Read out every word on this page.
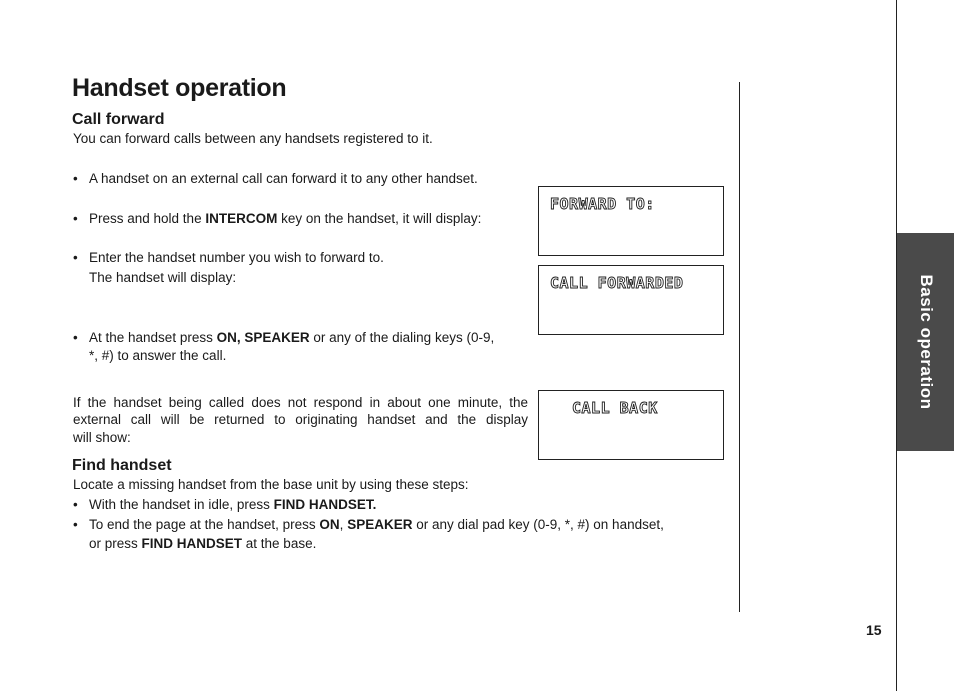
Basic operation
15
Handset operation
Call forward

You can forward calls between any handsets registered to it.

• A handset on an external call can forward it to any other handset.

• Press and hold the INTERCOM key on the handset, it will display:

• Enter the handset number you wish to forward to.

The handset will display:

• At the handset press ON, SPEAKER or any of the dialing keys (0-9,

*, #) to answer the call.

If the handset being called does not respond in about one minute, the

external call will be returned to originating handset and the display

will show:

FORWARD TO:
CALL FORWARDED
CALL BACK
Find handset

Locate a missing handset from the base unit by using these steps:

• With the handset in idle, press FIND HANDSET.

• To end the page at the handset, press ON, SPEAKER or any dial pad key (0-9, *, #) on handset,

or press FIND HANDSET at the base.
